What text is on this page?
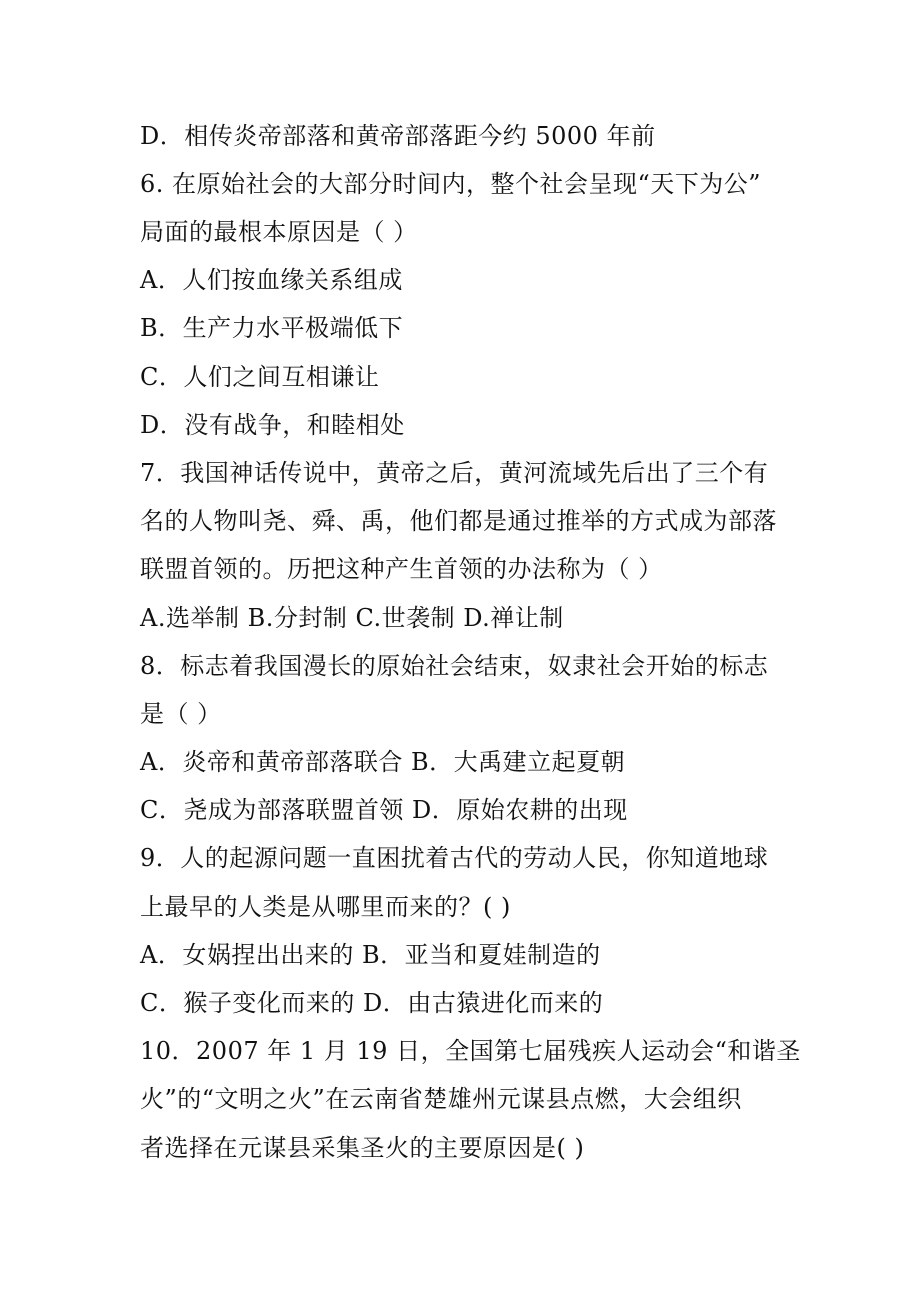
D．相传炎帝部落和黄帝部落距今约 5000 年前
6. 在原始社会的大部分时间内，整个社会呈现“天下为公”
局面的最根本原因是（ ）
A．人们按血缘关系组成
B．生产力水平极端低下
C．人们之间互相谦让
D．没有战争，和睦相处
7．我国神话传说中，黄帝之后，黄河流域先后出了三个有
名的人物叫尧、舜、禹，他们都是通过推举的方式成为部落
联盟首领的。历把这种产生首领的办法称为（ ）
A.选举制 B.分封制 C.世袭制 D.禅让制
8．标志着我国漫长的原始社会结束，奴隶社会开始的标志
是（ ）
A．炎帝和黄帝部落联合 B．大禹建立起夏朝
C．尧成为部落联盟首领 D．原始农耕的出现
9．人的起源问题一直困扰着古代的劳动人民，你知道地球
上最早的人类是从哪里而来的？( )
A．女娲捏出出来的 B．亚当和夏娃制造的
C．猴子变化而来的 D．由古猿进化而来的
10．2007 年 1 月 19 日，全国第七届残疾人运动会“和谐圣
火”的“文明之火”在云南省楚雄州元谋县点燃，大会组织
者选择在元谋县采集圣火的主要原因是( )
